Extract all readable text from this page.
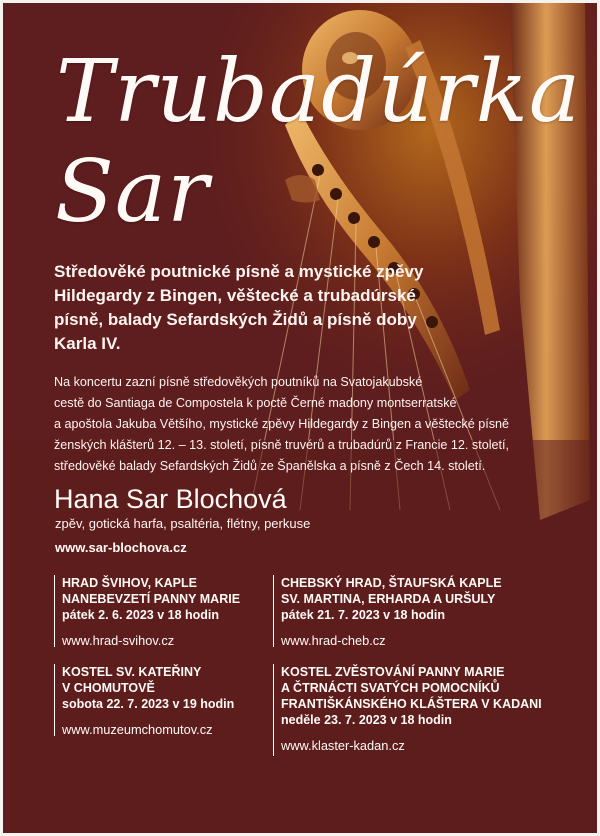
Trubadúrka
Sar
Středověké poutnické písně a mystické zpěvy Hildegardy z Bingen, věštecké a trubadúrské písně, balady Sefardských Židů a písně doby Karla IV.
Na koncertu zazní písně středověkých poutníků na Svatojakubské
cestě do Santiaga de Compostela k poctě Černé madony montserratské
a apoštola Jakuba Většího, mystické zpěvy Hildegardy z Bingen a věštecké písně
ženských klášterů 12. – 13. století, písně truvérů a trubadúrů z Francie 12. století,
středověké balady Sefardských Židů ze Španělska a písně z Čech 14. století.
Hana Sar Blochová
zpěv, gotická harfa, psaltéria, flétny, perkuse
www.sar-blochova.cz
HRAD ŠVIHOV, KAPLE
NANEBEVZETÍ PANNY MARIE
pátek 2. 6. 2023 v 18 hodin
www.hrad-svihov.cz
CHEBSKÝ HRAD, ŠTAUFSKÁ KAPLE
SV. MARTINA, ERHARDA A URŠULY
pátek 21. 7. 2023 v 18 hodin
www.hrad-cheb.cz
KOSTEL SV. KATEŘINY
V CHOMUTOVĚ
sobota 22. 7. 2023 v 19 hodin
www.muzeumchomutov.cz
KOSTEL ZVĚSTOVÁNÍ PANNY MARIE
A ČTRNÁCTI SVATÝCH POMOCNÍKŮ
FRANTIŠKÁNSKÉHO KLÁŠTERA V KADANI
neděle 23. 7. 2023 v 18 hodin
www.klaster-kadan.cz
